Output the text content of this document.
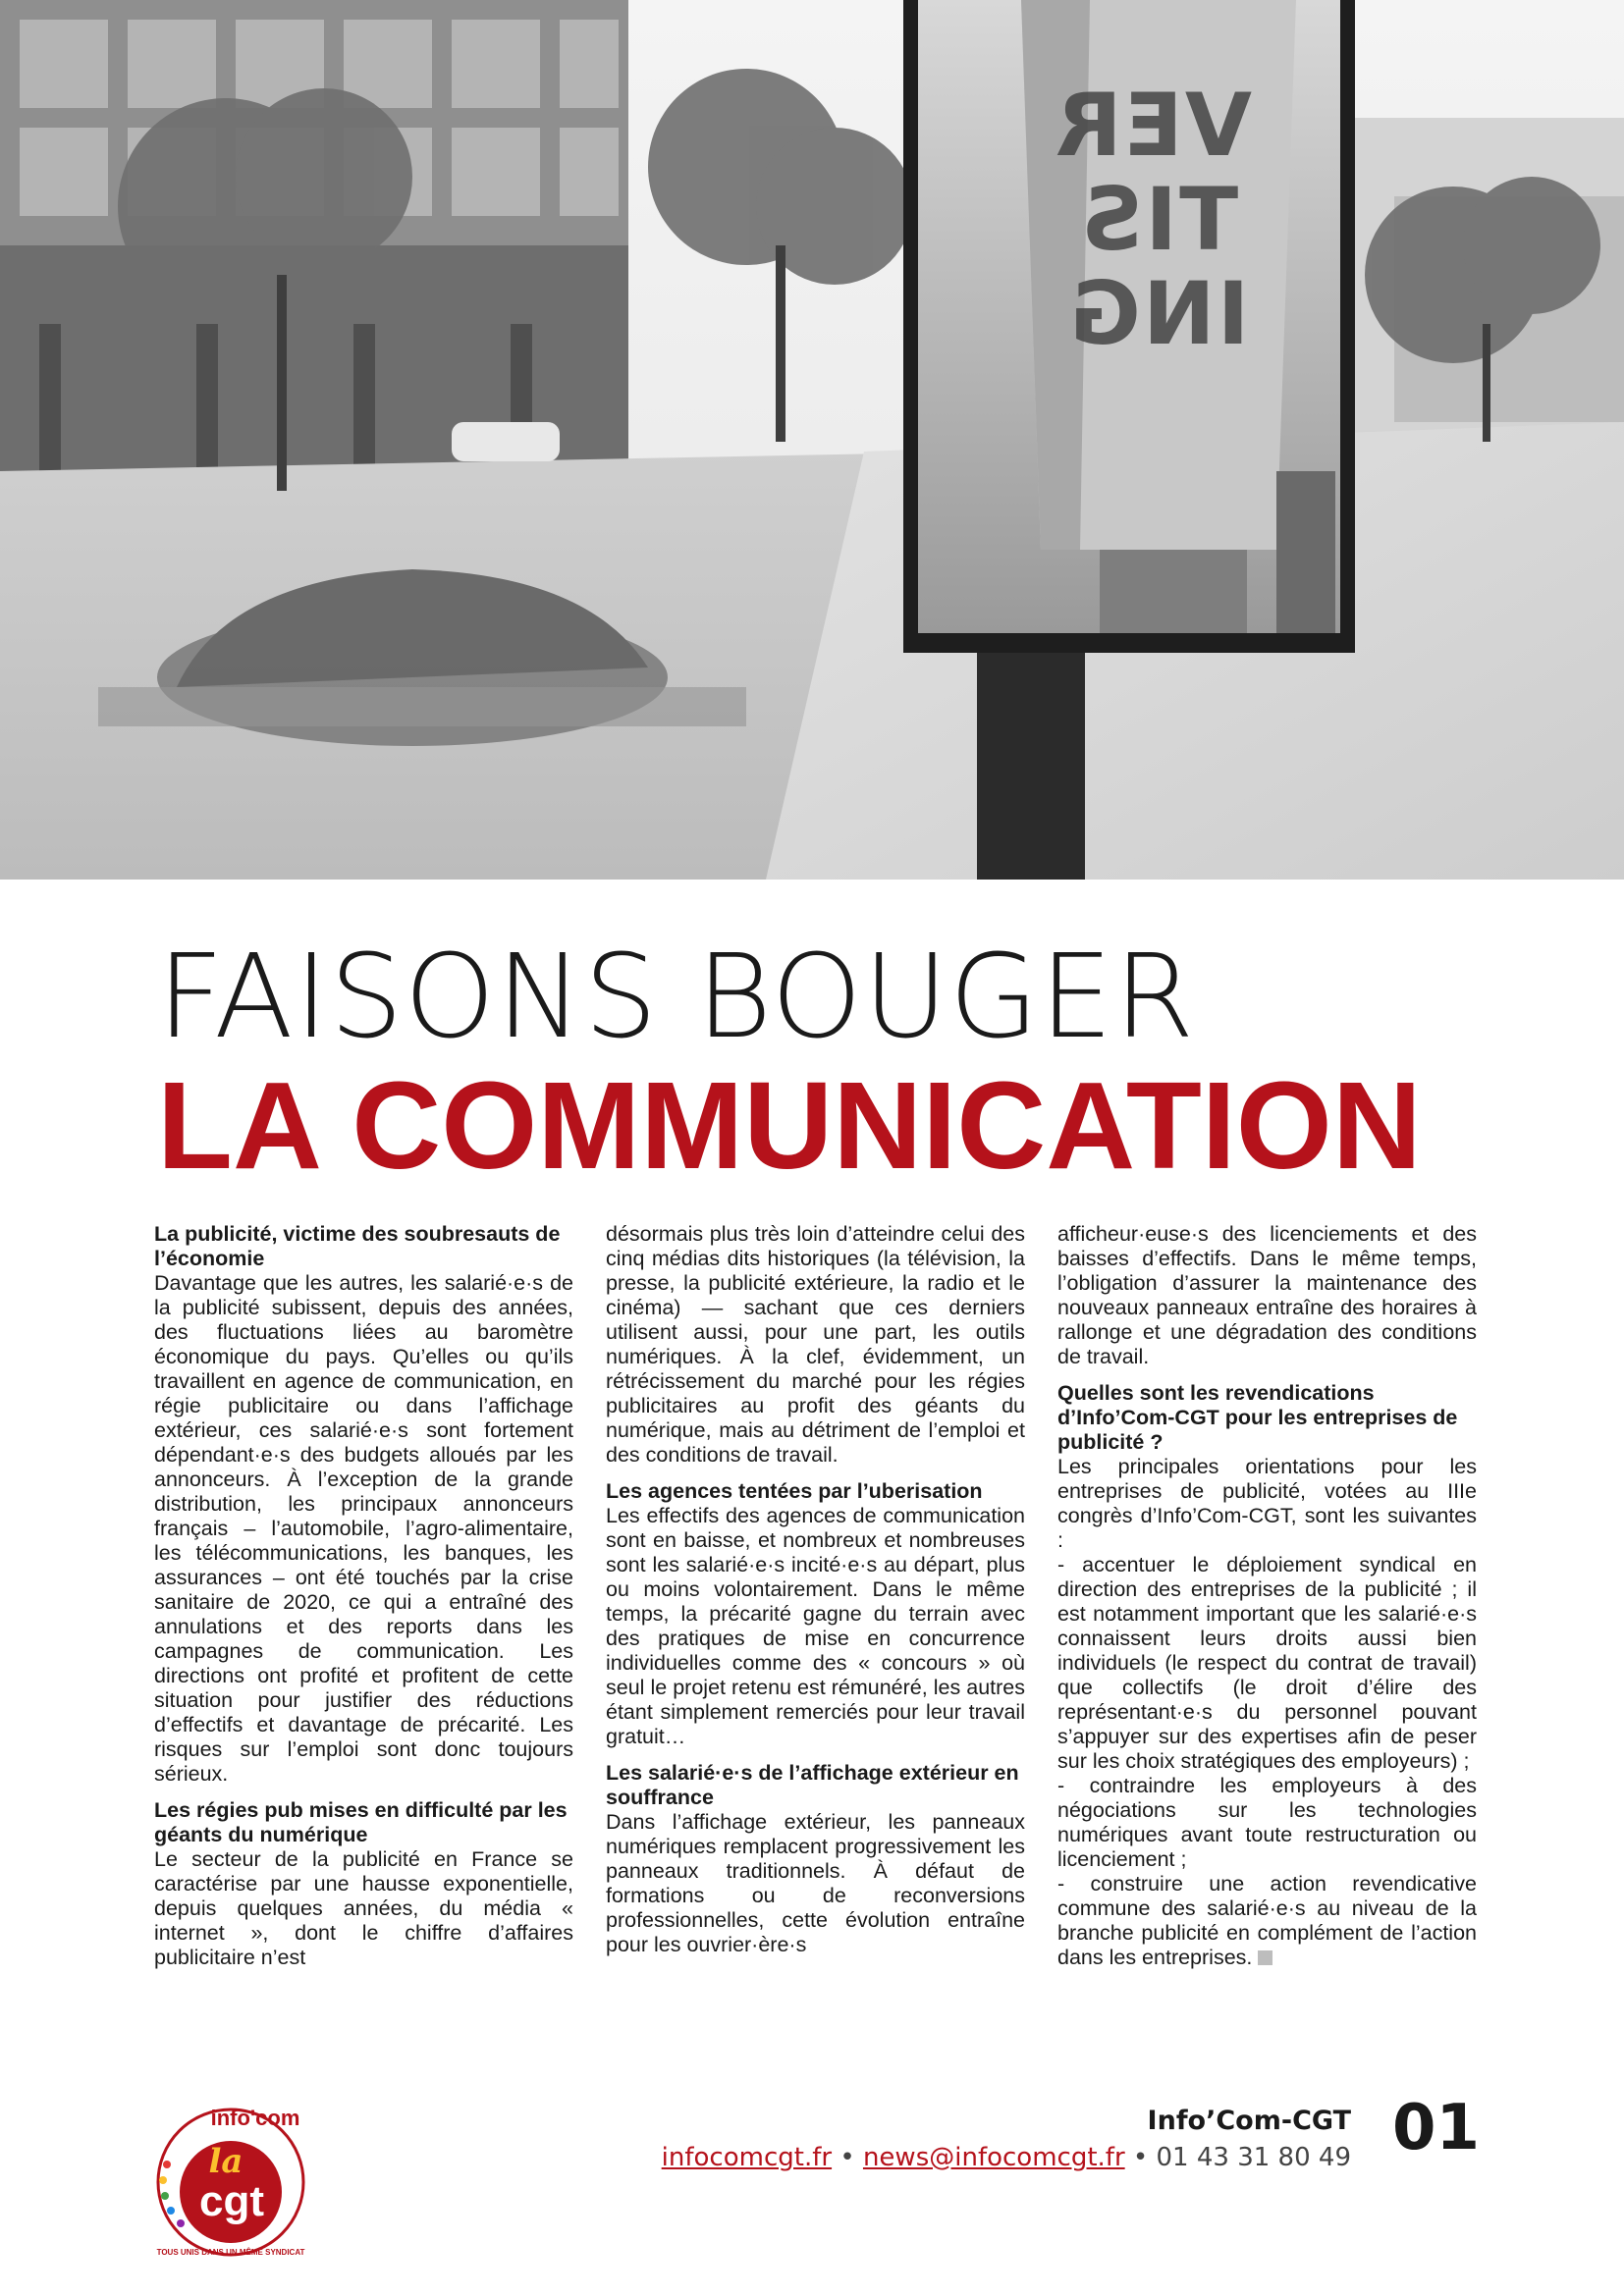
VER
TIS
ING
FAISONS BOUGER
LA COMMUNICATION
La publicité, victime des soubresauts de l’économie

Davantage que les autres, les salarié·e·s de la publicité subissent, depuis des années, des fluctuations liées au baromètre économique du pays. Qu’elles ou qu’ils travaillent en agence de communication, en régie publicitaire ou dans l’affichage extérieur, ces salarié·e·s sont fortement dépendant·e·s des budgets alloués par les annonceurs. À l’exception de la grande distribution, les principaux annonceurs français – l’automobile, l’agro-alimentaire, les télécommunications, les banques, les assurances – ont été touchés par la crise sanitaire de 2020, ce qui a entraîné des annulations et des reports dans les campagnes de communication. Les directions ont profité et profitent de cette situation pour justifier des réductions d’effectifs et davantage de précarité. Les risques sur l’emploi sont donc toujours sérieux.

Les régies pub mises en difficulté par les géants du numérique

Le secteur de la publicité en France se caractérise par une hausse exponentielle, depuis quelques années, du média « internet », dont le chiffre d’affaires publicitaire n’est

désormais plus très loin d’atteindre celui des cinq médias dits historiques (la télévision, la presse, la publicité extérieure, la radio et le cinéma) — sachant que ces derniers utilisent aussi, pour une part, les outils numériques. À la clef, évidemment, un rétrécissement du marché pour les régies publicitaires au profit des géants du numérique, mais au détriment de l’emploi et des conditions de travail.

Les agences tentées par l’uberisation

Les effectifs des agences de communication sont en baisse, et nombreux et nombreuses sont les salarié·e·s incité·e·s au départ, plus ou moins volontairement. Dans le même temps, la précarité gagne du terrain avec des pratiques de mise en concurrence individuelles comme des « concours » où seul le projet retenu est rémunéré, les autres étant simplement remerciés pour leur travail gratuit…

Les salarié·e·s de l’affichage extérieur en souffrance

Dans l’affichage extérieur, les panneaux numériques remplacent progressivement les panneaux traditionnels. À défaut de formations ou de reconversions professionnelles, cette évolution entraîne pour les ouvrier·ère·s

afficheur·euse·s des licenciements et des baisses d’effectifs. Dans le même temps, l’obligation d’assurer la maintenance des nouveaux panneaux entraîne des horaires à rallonge et une dégradation des conditions de travail.

Quelles sont les revendications d’Info’Com-CGT pour les entreprises de publicité ?

Les principales orientations pour les entreprises de publicité, votées au IIIe congrès d’Info’Com-CGT, sont les suivantes :

- accentuer le déploiement syndical en direction des entreprises de la publicité ; il est notamment important que les salarié·e·s connaissent leurs droits aussi bien individuels (le respect du contrat de travail) que collectifs (le droit d’élire des représentant·e·s du personnel pouvant s’appuyer sur des expertises afin de peser sur les choix stratégiques des employeurs) ;

- contraindre les employeurs à des négociations sur les technologies numériques avant toute restructuration ou licenciement ;

- construire une action revendicative commune des salarié·e·s au niveau de la branche publicité en complément de l’action dans les entreprises.

info'com
la
cgt
TOUS UNIS DANS UN MÊME SYNDICAT
Info’Com-CGT
infocomcgt.fr • news@infocomcgt.fr • 01 43 31 80 49 01
